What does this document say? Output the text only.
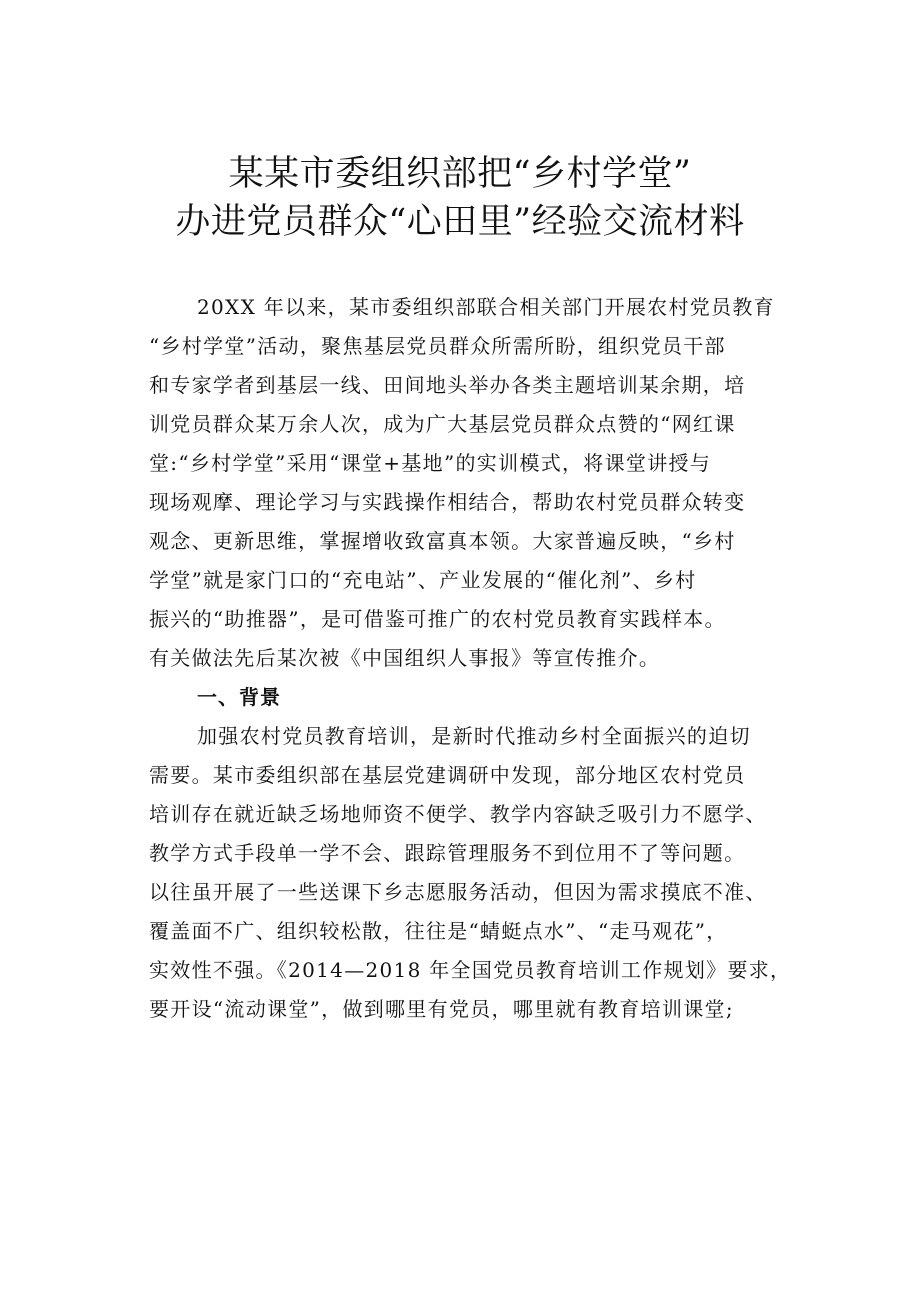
某某市委组织部把“乡村学堂”
办进党员群众“心田里”经验交流材料
20XX 年以来，某市委组织部联合相关部门开展农村党员教育
“乡村学堂”活动，聚焦基层党员群众所需所盼，组织党员干部
和专家学者到基层一线、田间地头举办各类主题培训某余期，培
训党员群众某万余人次，成为广大基层党员群众点赞的“网红课
堂:“乡村学堂”采用“课堂+基地”的实训模式，将课堂讲授与
现场观摩、理论学习与实践操作相结合，帮助农村党员群众转变
观念、更新思维，掌握增收致富真本领。大家普遍反映，“乡村
学堂”就是家门口的“充电站”、产业发展的“催化剂”、乡村
振兴的“助推器”，是可借鉴可推广的农村党员教育实践样本。
有关做法先后某次被《中国组织人事报》等宣传推介。
一、背景
加强农村党员教育培训，是新时代推动乡村全面振兴的迫切
需要。某市委组织部在基层党建调研中发现，部分地区农村党员
培训存在就近缺乏场地师资不便学、教学内容缺乏吸引力不愿学、
教学方式手段单一学不会、跟踪管理服务不到位用不了等问题。
以往虽开展了一些送课下乡志愿服务活动，但因为需求摸底不准、
覆盖面不广、组织较松散，往往是“蜻蜓点水”、“走马观花”，
实效性不强。《2014—2018 年全国党员教育培训工作规划》要求，
要开设“流动课堂”，做到哪里有党员，哪里就有教育培训课堂;
